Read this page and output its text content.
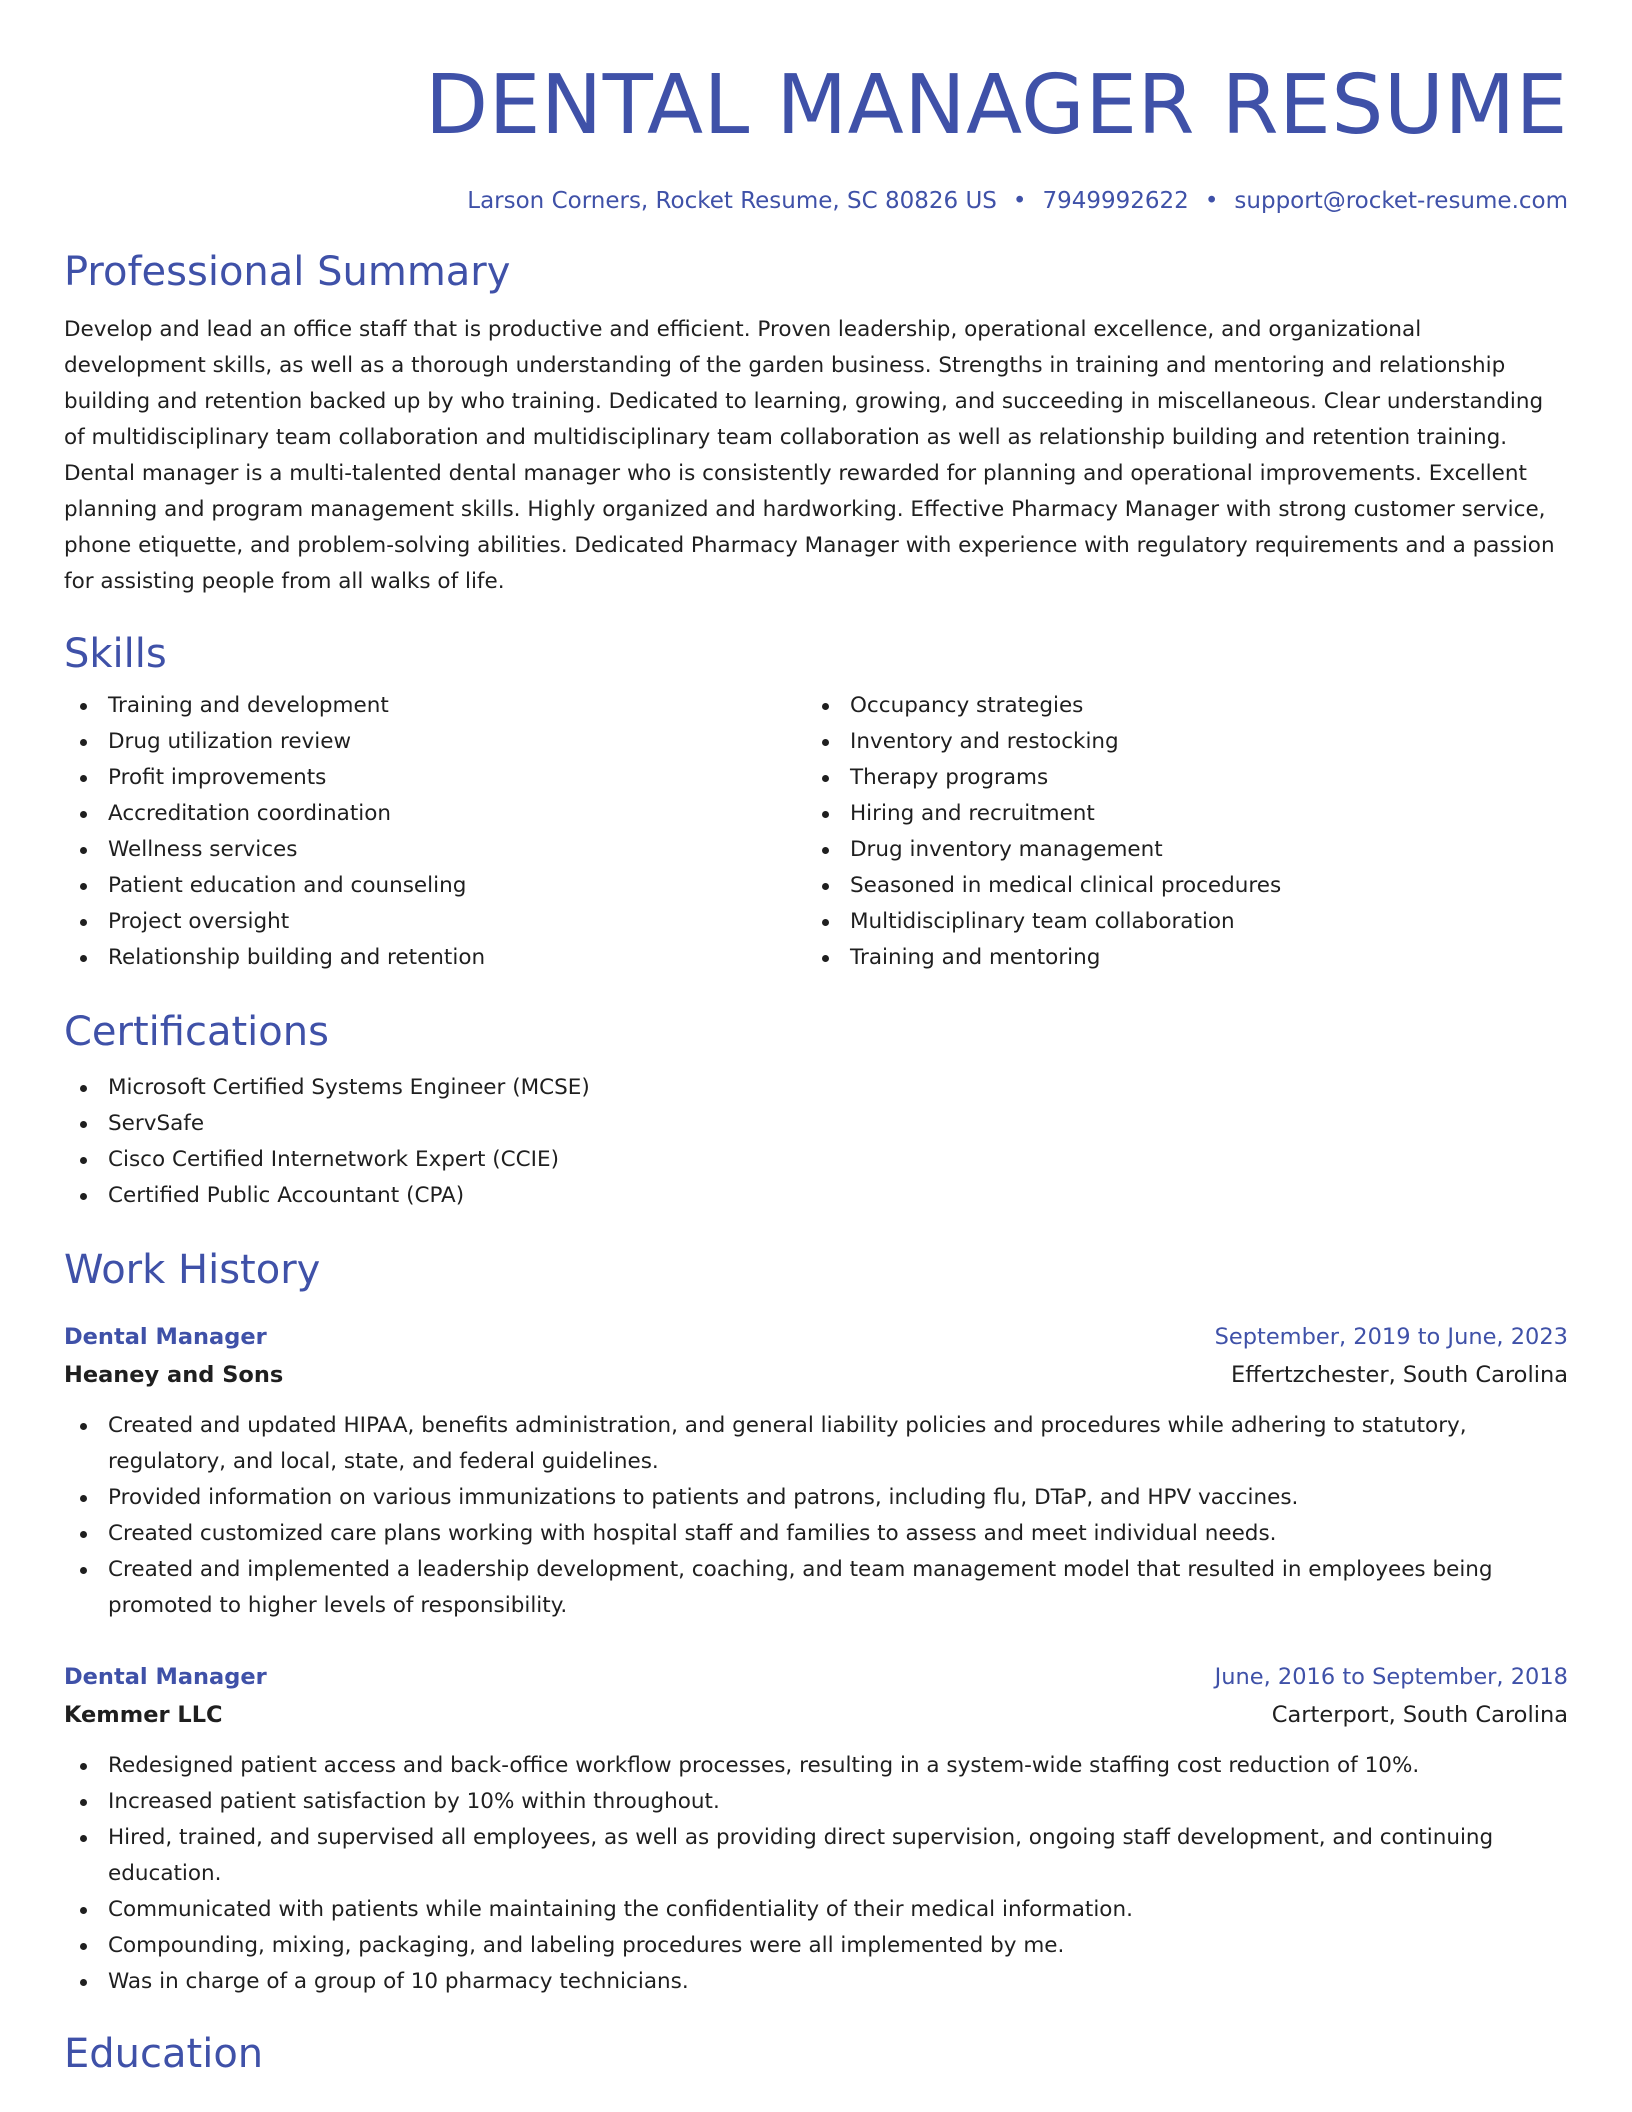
DENTAL MANAGER RESUME
Larson Corners, Rocket Resume, SC 80826 US • 7949992622 • support@rocket-resume.com
Professional Summary

Develop and lead an office staff that is productive and efficient. Proven leadership, operational excellence, and organizational development skills, as well as a thorough understanding of the garden business. Strengths in training and mentoring and relationship building and retention backed up by who training. Dedicated to learning, growing, and succeeding in miscellaneous. Clear understanding of multidisciplinary team collaboration and multidisciplinary team collaboration as well as relationship building and retention training. Dental manager is a multi-talented dental manager who is consistently rewarded for planning and operational improvements. Excellent planning and program management skills. Highly organized and hardworking. Effective Pharmacy Manager with strong customer service, phone etiquette, and problem-solving abilities. Dedicated Pharmacy Manager with experience with regulatory requirements and a passion for assisting people from all walks of life.

Skills
Training and development
Drug utilization review
Profit improvements
Accreditation coordination
Wellness services
Patient education and counseling
Project oversight
Relationship building and retention
Occupancy strategies
Inventory and restocking
Therapy programs
Hiring and recruitment
Drug inventory management
Seasoned in medical clinical procedures
Multidisciplinary team collaboration
Training and mentoring
Certifications
Microsoft Certified Systems Engineer (MCSE)
ServSafe
Cisco Certified Internetwork Expert (CCIE)
Certified Public Accountant (CPA)
Work History
Dental Manager	September, 2019 to June, 2023
Heaney and Sons	Effertzchester, South Carolina
Created and updated HIPAA, benefits administration, and general liability policies and procedures while adhering to statutory, regulatory, and local, state, and federal guidelines.
Provided information on various immunizations to patients and patrons, including flu, DTaP, and HPV vaccines.
Created customized care plans working with hospital staff and families to assess and meet individual needs.
Created and implemented a leadership development, coaching, and team management model that resulted in employees being promoted to higher levels of responsibility.
Dental Manager	June, 2016 to September, 2018
Kemmer LLC	Carterport, South Carolina
Redesigned patient access and back-office workflow processes, resulting in a system-wide staffing cost reduction of 10%.
Increased patient satisfaction by 10% within throughout.
Hired, trained, and supervised all employees, as well as providing direct supervision, ongoing staff development, and continuing education.
Communicated with patients while maintaining the confidentiality of their medical information.
Compounding, mixing, packaging, and labeling procedures were all implemented by me.
Was in charge of a group of 10 pharmacy technicians.
Education
